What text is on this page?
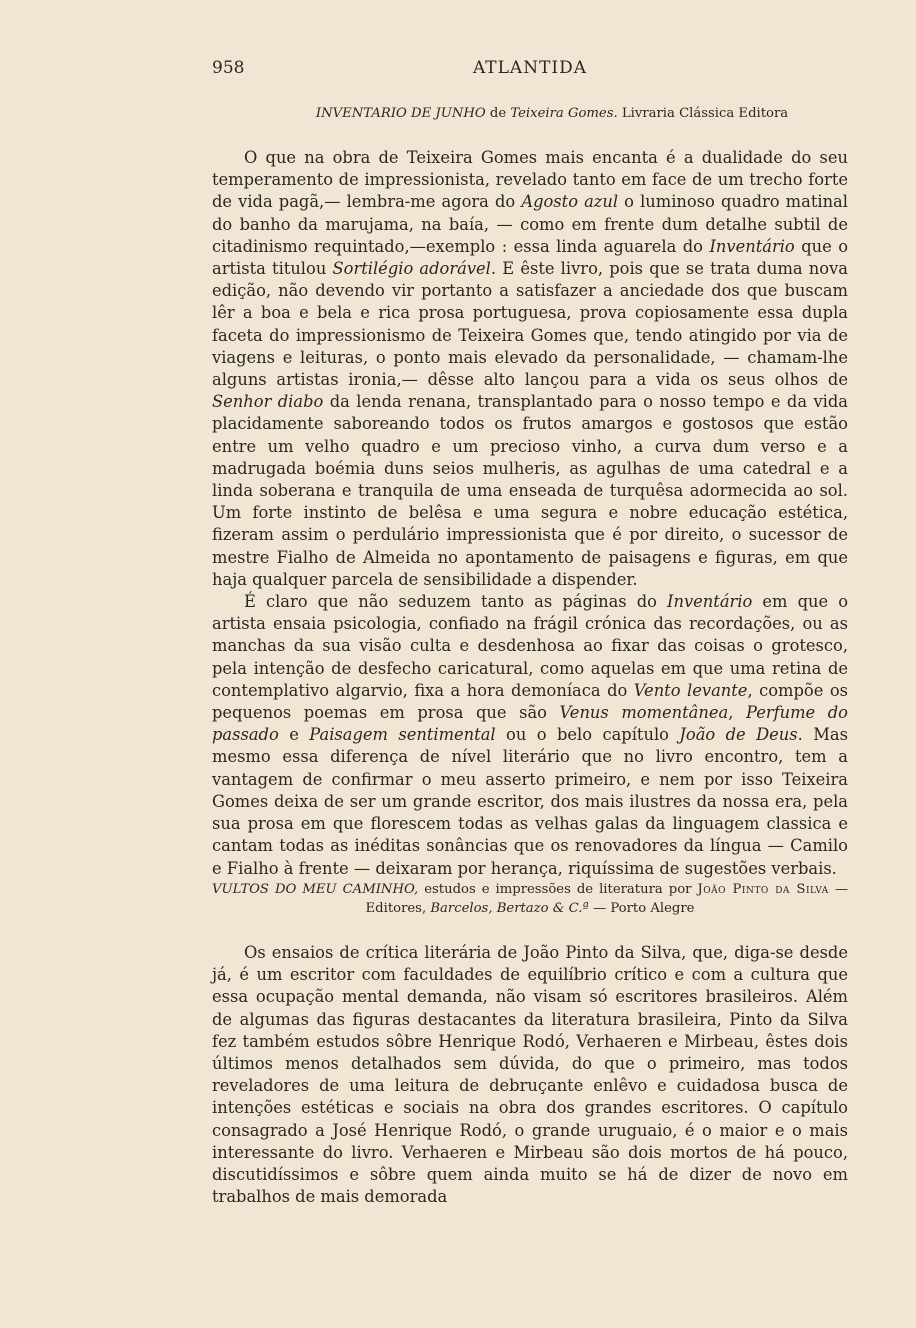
958	ATLANTIDA

INVENTARIO DE JUNHO de Teixeira Gomes. Livraria Clássica Editora

O que na obra de Teixeira Gomes mais encanta é a dualidade do seu temperamento de impressionista, revelado tanto em face de um trecho forte de vida pagã,— lembra-me agora do Agosto azul o luminoso quadro matinal do banho da marujama, na baía, — como em frente dum detalhe subtil de citadinismo requintado,—exemplo : essa linda aguarela do Inventário que o artista titulou Sortilégio adorável. E êste livro, pois que se trata duma nova edição, não devendo vir portanto a satisfazer a anciedade dos que buscam lêr a boa e bela e rica prosa portuguesa, prova copiosamente essa dupla faceta do impressionismo de Teixeira Gomes que, tendo atingido por via de viagens e leituras, o ponto mais elevado da personalidade, — chamam-lhe alguns artistas ironia,— dêsse alto lançou para a vida os seus olhos de Senhor diabo da lenda renana, transplantado para o nosso tempo e da vida placidamente saboreando todos os frutos amargos e gostosos que estão entre um velho quadro e um precioso vinho, a curva dum verso e a madrugada boémia duns seios mulheris, as agulhas de uma catedral e a linda soberana e tranquila de uma enseada de turquêsa adormecida ao sol. Um forte instinto de belêsa e uma segura e nobre educação estética, fizeram assim o perdulário impressionista que é por direito, o sucessor de mestre Fialho de Almeida no apontamento de paisagens e figuras, em que haja qualquer parcela de sensibilidade a dispender.

É claro que não seduzem tanto as páginas do Inventário em que o artista ensaia psicologia, confiado na frágil crónica das recordações, ou as manchas da sua visão culta e desdenhosa ao fixar das coisas o grotesco, pela intenção de desfecho caricatural, como aquelas em que uma retina de contemplativo algarvio, fixa a hora demoníaca do Vento levante, compõe os pequenos poemas em prosa que são Venus momentânea, Perfume do passado e Paisagem sentimental ou o belo capítulo João de Deus. Mas mesmo essa diferença de nível literário que no livro encontro, tem a vantagem de confirmar o meu asserto primeiro, e nem por isso Teixeira Gomes deixa de ser um grande escritor, dos mais ilustres da nossa era, pela sua prosa em que florescem todas as velhas galas da linguagem classica e cantam todas as inéditas sonâncias que os renovadores da língua — Camilo e Fialho à frente — deixaram por herança, riquíssima de sugestões verbais.

VULTOS DO MEU CAMINHO, estudos e impressões de literatura por João Pinto da Silva — Editores, Barcelos, Bertazo & C.ª — Porto Alegre

Os ensaios de crítica literária de João Pinto da Silva, que, diga-se desde já, é um escritor com faculdades de equilíbrio crítico e com a cultura que essa ocupação mental demanda, não visam só escritores brasileiros. Além de algumas das figuras destacantes da literatura brasileira, Pinto da Silva fez também estudos sôbre Henrique Rodó, Verhaeren e Mirbeau, êstes dois últimos menos detalhados sem dúvida, do que o primeiro, mas todos reveladores de uma leitura de debruçante enlêvo e cuidadosa busca de intenções estéticas e sociais na obra dos grandes escritores. O capítulo consagrado a José Henrique Rodó, o grande uruguaio, é o maior e o mais interessante do livro. Verhaeren e Mirbeau são dois mortos de há pouco, discutidíssimos e sôbre quem ainda muito se há de dizer de novo em trabalhos de mais demorada
